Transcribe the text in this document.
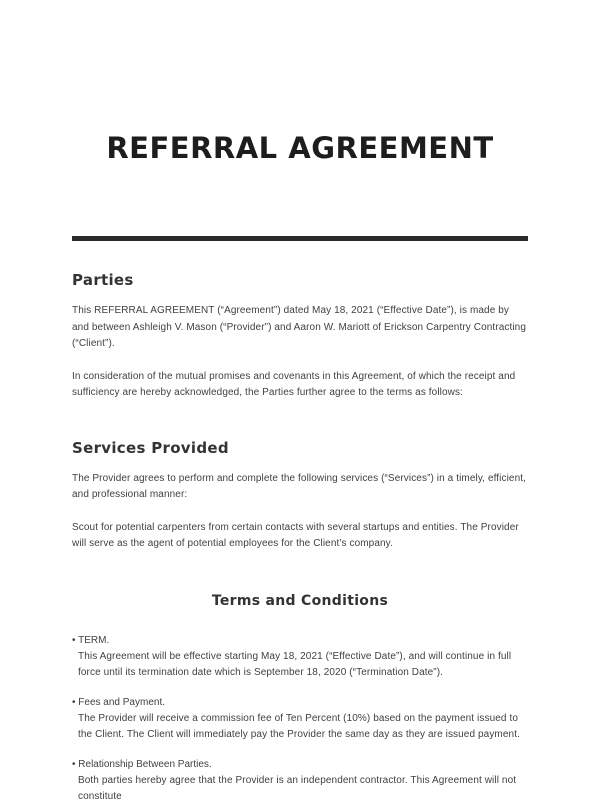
REFERRAL AGREEMENT
Parties

This REFERRAL AGREEMENT (“Agreement”) dated May 18, 2021 (“Effective Date”), is made by and between Ashleigh V. Mason (“Provider”) and Aaron W. Mariott of Erickson Carpentry Contracting (“Client”).

In consideration of the mutual promises and covenants in this Agreement, of which the receipt and sufficiency are hereby acknowledged, the Parties further agree to the terms as follows:

Services Provided

The Provider agrees to perform and complete the following services (“Services”) in a timely, efficient, and professional manner:

Scout for potential carpenters from certain contacts with several startups and entities. The Provider will serve as the agent of potential employees for the Client’s company.

Terms and Conditions
• TERM.
This Agreement will be effective starting May 18, 2021 (“Effective Date”), and will continue in full force until its termination date which is September 18, 2020 (“Termination Date”).
• Fees and Payment.
The Provider will receive a commission fee of Ten Percent (10%) based on the payment issued to the Client. The Client will immediately pay the Provider the same day as they are issued payment.
• Relationship Between Parties.
Both parties hereby agree that the Provider is an independent contractor. This Agreement will not constitute
